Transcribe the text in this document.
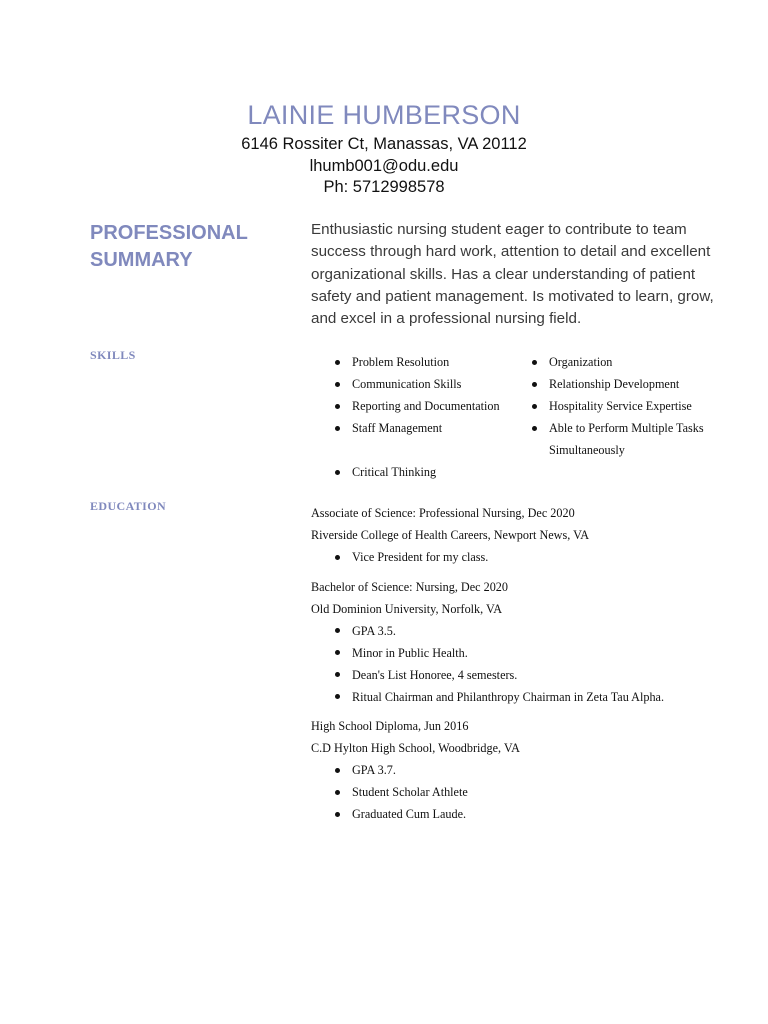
LAINIE HUMBERSON
6146 Rossiter Ct, Manassas, VA 20112
lhumb001@odu.edu
Ph: 5712998578
PROFESSIONAL
SUMMARY
Enthusiastic nursing student eager to contribute to team success through hard work, attention to detail and excellent organizational skills. Has a clear understanding of patient safety and patient management. Is motivated to learn, grow, and excel in a professional nursing field.
SKILLS	Problem Resolution	Organization
Communication Skills	Relationship Development
Reporting and Documentation	Hospitality Service Expertise
Staff Management	Able to Perform Multiple Tasks
Simultaneously
Critical Thinking
EDUCATION	Associate of Science: Professional Nursing, Dec 2020
Riverside College of Health Careers, Newport News, VA
Vice President for my class.
Bachelor of Science: Nursing, Dec 2020
Old Dominion University, Norfolk, VA
GPA 3.5.
Minor in Public Health.
Dean's List Honoree, 4 semesters.
Ritual Chairman and Philanthropy Chairman in Zeta Tau Alpha.
High School Diploma, Jun 2016
C.D Hylton High School, Woodbridge, VA
GPA 3.7.
Student Scholar Athlete
Graduated Cum Laude.
